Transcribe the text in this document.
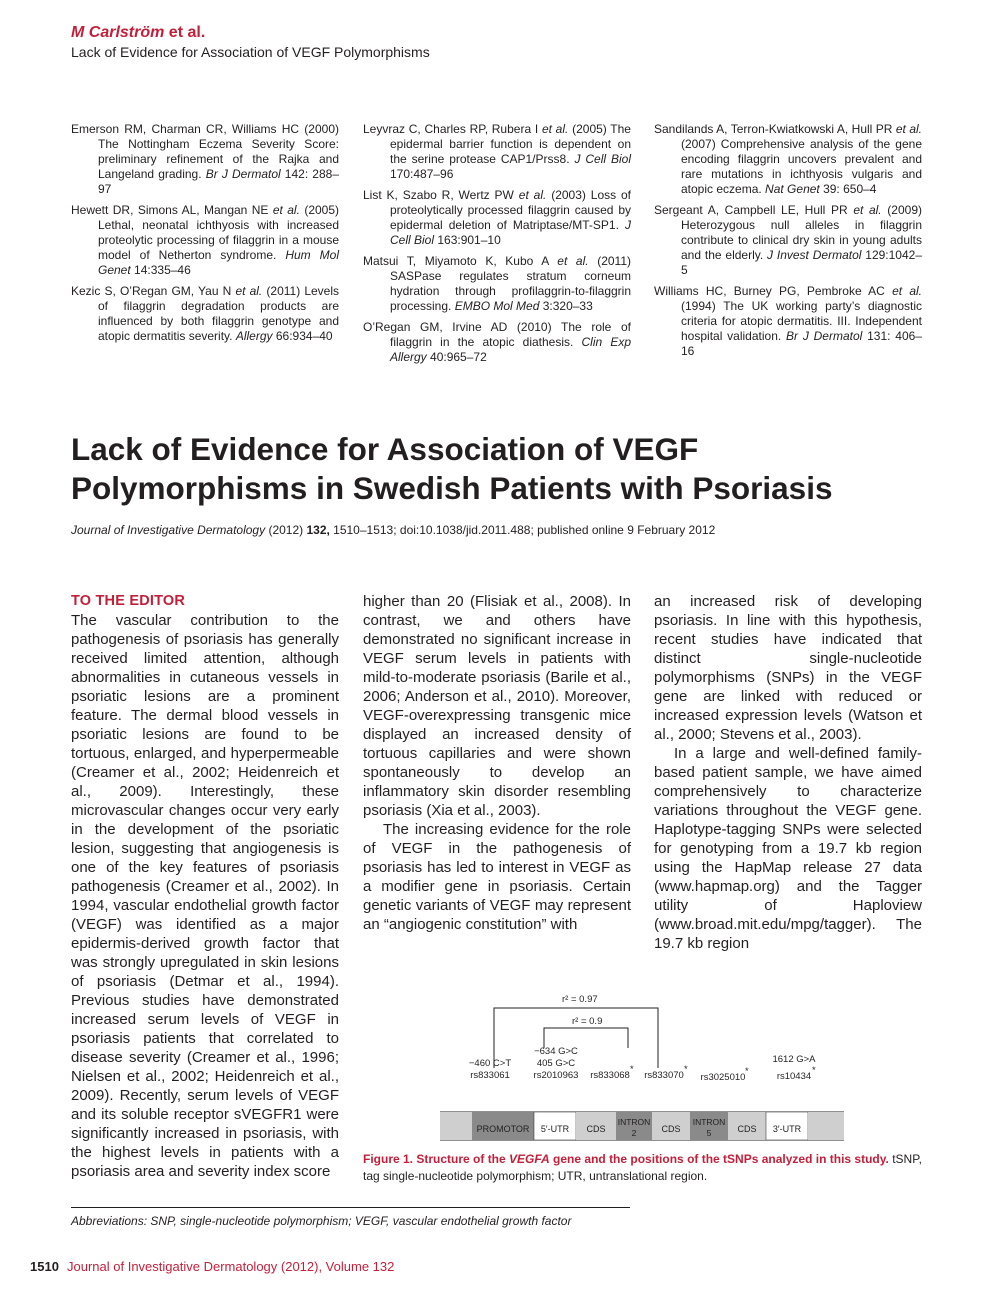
M Carlström et al.
Lack of Evidence for Association of VEGF Polymorphisms
Emerson RM, Charman CR, Williams HC (2000) The Nottingham Eczema Severity Score: preliminary refinement of the Rajka and Langeland grading. Br J Dermatol 142: 288–97
Hewett DR, Simons AL, Mangan NE et al. (2005) Lethal, neonatal ichthyosis with increased proteolytic processing of filaggrin in a mouse model of Netherton syndrome. Hum Mol Genet 14:335–46
Kezic S, O’Regan GM, Yau N et al. (2011) Levels of filaggrin degradation products are influenced by both filaggrin genotype and atopic dermatitis severity. Allergy 66:934–40
Leyvraz C, Charles RP, Rubera I et al. (2005) The epidermal barrier function is dependent on the serine protease CAP1/Prss8. J Cell Biol 170:487–96
List K, Szabo R, Wertz PW et al. (2003) Loss of proteolytically processed filaggrin caused by epidermal deletion of Matriptase/MT-SP1. J Cell Biol 163:901–10
Matsui T, Miyamoto K, Kubo A et al. (2011) SASPase regulates stratum corneum hydration through profilaggrin-to-filaggrin processing. EMBO Mol Med 3:320–33
O’Regan GM, Irvine AD (2010) The role of filaggrin in the atopic diathesis. Clin Exp Allergy 40:965–72
Sandilands A, Terron-Kwiatkowski A, Hull PR et al. (2007) Comprehensive analysis of the gene encoding filaggrin uncovers prevalent and rare mutations in ichthyosis vulgaris and atopic eczema. Nat Genet 39: 650–4
Sergeant A, Campbell LE, Hull PR et al. (2009) Heterozygous null alleles in filaggrin contribute to clinical dry skin in young adults and the elderly. J Invest Dermatol 129:1042–5
Williams HC, Burney PG, Pembroke AC et al. (1994) The UK working party’s diagnostic criteria for atopic dermatitis. III. Independent hospital validation. Br J Dermatol 131: 406–16
Lack of Evidence for Association of VEGF Polymorphisms in Swedish Patients with Psoriasis
Journal of Investigative Dermatology (2012) 132, 1510–1513; doi:10.1038/jid.2011.488; published online 9 February 2012
TO THE EDITOR

The vascular contribution to the pathogenesis of psoriasis has generally received limited attention, although abnormalities in cutaneous vessels in psoriatic lesions are a prominent feature. The dermal blood vessels in psoriatic lesions are found to be tortuous, enlarged, and hyperpermeable (Creamer et al., 2002; Heidenreich et al., 2009). Interestingly, these microvascular changes occur very early in the development of the psoriatic lesion, suggesting that angiogenesis is one of the key features of psoriasis pathogenesis (Creamer et al., 2002). In 1994, vascular endothelial growth factor (VEGF) was identified as a major epidermis-derived growth factor that was strongly upregulated in skin lesions of psoriasis (Detmar et al., 1994). Previous studies have demonstrated increased serum levels of VEGF in psoriasis patients that correlated to disease severity (Creamer et al., 1996; Nielsen et al., 2002; Heidenreich et al., 2009). Recently, serum levels of VEGF and its soluble receptor sVEGFR1 were significantly increased in psoriasis, with the highest levels in patients with a psoriasis area and severity index score

higher than 20 (Flisiak et al., 2008). In contrast, we and others have demonstrated no significant increase in VEGF serum levels in patients with mild-to-moderate psoriasis (Barile et al., 2006; Anderson et al., 2010). Moreover, VEGF-overexpressing transgenic mice displayed an increased density of tortuous capillaries and were shown spontaneously to develop an inflammatory skin disorder resembling psoriasis (Xia et al., 2003).

The increasing evidence for the role of VEGF in the pathogenesis of psoriasis has led to interest in VEGF as a modifier gene in psoriasis. Certain genetic variants of VEGF may represent an “angiogenic constitution” with

an increased risk of developing psoriasis. In line with this hypothesis, recent studies have indicated that distinct single-nucleotide polymorphisms (SNPs) in the VEGF gene are linked with reduced or increased expression levels (Watson et al., 2000; Stevens et al., 2003).

In a large and well-defined family-based patient sample, we have aimed comprehensively to characterize variations throughout the VEGF gene. Haplotype-tagging SNPs were selected for genotyping from a 19.7 kb region using the HapMap release 27 data (www.hapmap.org) and the Tagger utility of Haploview (www.broad.mit.edu/mpg/tagger). The 19.7 kb region

r² = 0.97
r² = 0.9
−460 C>T
rs833061
−634 G>C
405 G>C
rs2010963 rs833068
*
rs833070
*
rs3025010
*
1612 G>A
rs10434
*
PROMOTOR 5′-UTR CDS
INTRON 2	CDS
INTRON 5	CDS 3′-UTR
Figure 1. Structure of the VEGFA gene and the positions of the tSNPs analyzed in this study. tSNP, tag single-nucleotide polymorphism; UTR, untranslational region.
Abbreviations: SNP, single-nucleotide polymorphism; VEGF, vascular endothelial growth factor
1510 Journal of Investigative Dermatology (2012), Volume 132
